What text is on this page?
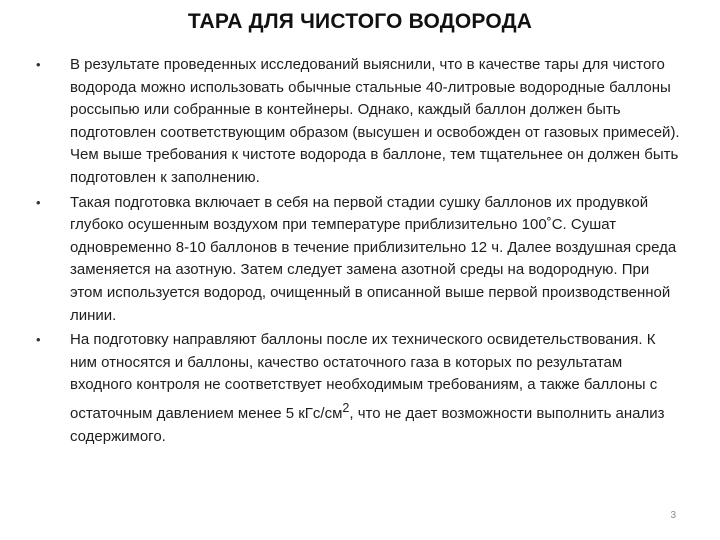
ТАРА ДЛЯ ЧИСТОГО ВОДОРОДА
•	В результате проведенных исследований выяснили, что в качестве тары для чистого водорода можно использовать обычные стальные 40-литровые водородные баллоны россыпью или собранные в контейнеры. Однако, каждый баллон должен быть подготовлен соответствующим образом (высушен и освобожден от газовых примесей). Чем выше требования к чистоте водорода в баллоне, тем тщательнее он должен быть подготовлен к заполнению.
•	Такая подготовка включает в себя на первой стадии сушку баллонов их продувкой глубоко осушенным воздухом при температуре приблизительно 100˚С. Сушат одновременно 8-10 баллонов в течение приблизительно 12 ч. Далее воздушная среда заменяется на азотную. Затем следует замена азотной среды на водородную. При этом используется водород, очищенный в описанной выше первой производственной линии.
•	На подготовку направляют баллоны после их технического освидетельствования. К ним относятся и баллоны, качество остаточного газа в которых по результатам входного контроля не соответствует необходимым требованиям, а также баллоны с остаточным давлением менее 5 кГс/$см^2$, что не дает возможности выполнить анализ содержимого.
3
